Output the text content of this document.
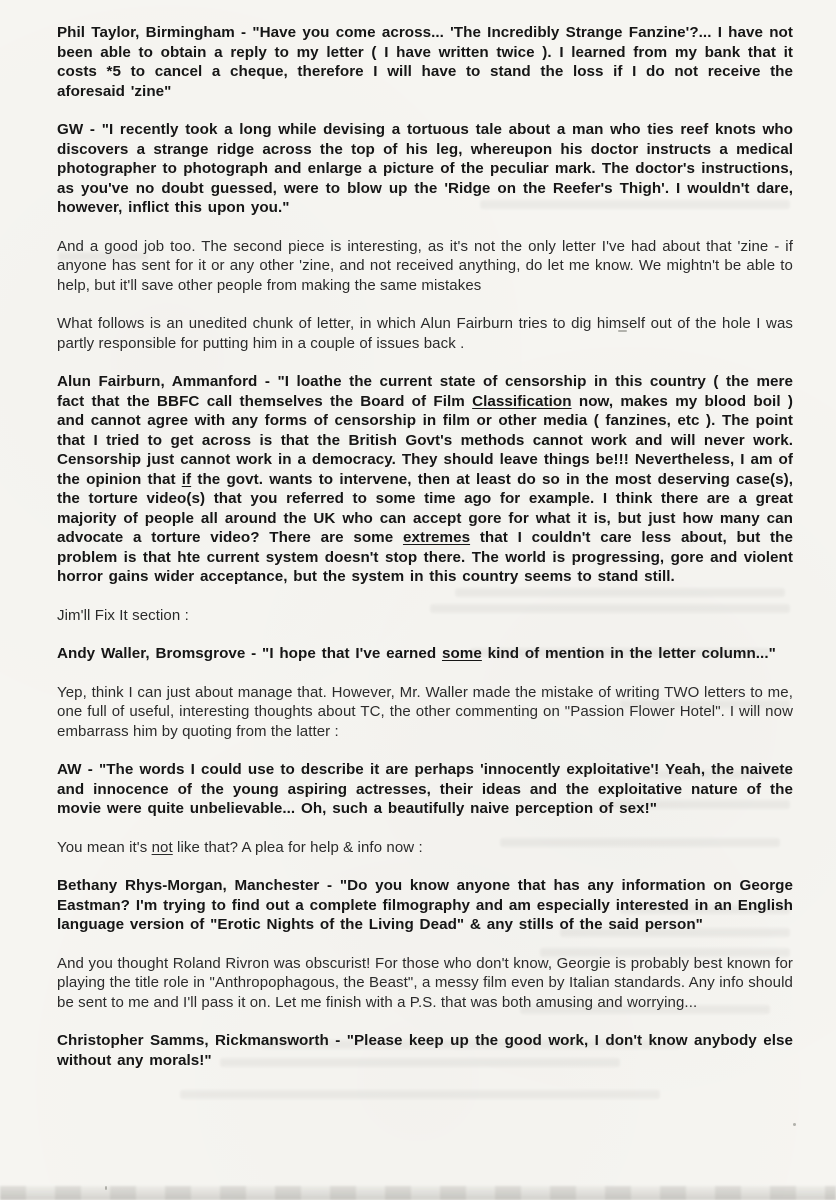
Phil Taylor, Birmingham - "Have you come across... 'The Incredibly Strange Fanzine'?... I have not been able to obtain a reply to my letter ( I have written twice ). I learned from my bank that it costs *5 to cancel a cheque, therefore I will have to stand the loss if I do not receive the aforesaid 'zine"

GW - "I recently took a long while devising a tortuous tale about a man who ties reef knots who discovers a strange ridge across the top of his leg, whereupon his doctor instructs a medical photographer to photograph and enlarge a picture of the peculiar mark. The doctor's instructions, as you've no doubt guessed, were to blow up the 'Ridge on the Reefer's Thigh'. I wouldn't dare, however, inflict this upon you."

And a good job too. The second piece is interesting, as it's not the only letter I've had about that 'zine - if anyone has sent for it or any other 'zine, and not received anything, do let me know. We mightn't be able to help, but it'll save other people from making the same mistakes

What follows is an unedited chunk of letter, in which Alun Fairburn tries to dig himself out of the hole I was partly responsible for putting him in a couple of issues back .

Alun Fairburn, Ammanford - "I loathe the current state of censorship in this country ( the mere fact that the BBFC call themselves the Board of Film Classification now, makes my blood boil ) and cannot agree with any forms of censorship in film or other media ( fanzines, etc ). The point that I tried to get across is that the British Govt's methods cannot work and will never work. Censorship just cannot work in a democracy. They should leave things be!!! Nevertheless, I am of the opinion that if the govt. wants to intervene, then at least do so in the most deserving case(s), the torture video(s) that you referred to some time ago for example. I think there are a great majority of people all around the UK who can accept gore for what it is, but just how many can advocate a torture video? There are some extremes that I couldn't care less about, but the problem is that hte current system doesn't stop there. The world is progressing, gore and violent horror gains wider acceptance, but the system in this country seems to stand still.

Jim'll Fix It section :

Andy Waller, Bromsgrove - "I hope that I've earned some kind of mention in the letter column..."

Yep, think I can just about manage that. However, Mr. Waller made the mistake of writing TWO letters to me, one full of useful, interesting thoughts about TC, the other commenting on "Passion Flower Hotel". I will now embarrass him by quoting from the latter :

AW - "The words I could use to describe it are perhaps 'innocently exploitative'! Yeah, the naivete and innocence of the young aspiring actresses, their ideas and the exploitative nature of the movie were quite unbelievable... Oh, such a beautifully naive perception of sex!"

You mean it's not like that? A plea for help & info now :

Bethany Rhys-Morgan, Manchester - "Do you know anyone that has any information on George Eastman? I'm trying to find out a complete filmography and am especially interested in an English language version of "Erotic Nights of the Living Dead" & any stills of the said person"

And you thought Roland Rivron was obscurist! For those who don't know, Georgie is probably best known for playing the title role in "Anthropophagous, the Beast", a messy film even by Italian standards. Any info should be sent to me and I'll pass it on. Let me finish with a P.S. that was both amusing and worrying...

Christopher Samms, Rickmansworth - "Please keep up the good work, I don't know anybody else without any morals!"
